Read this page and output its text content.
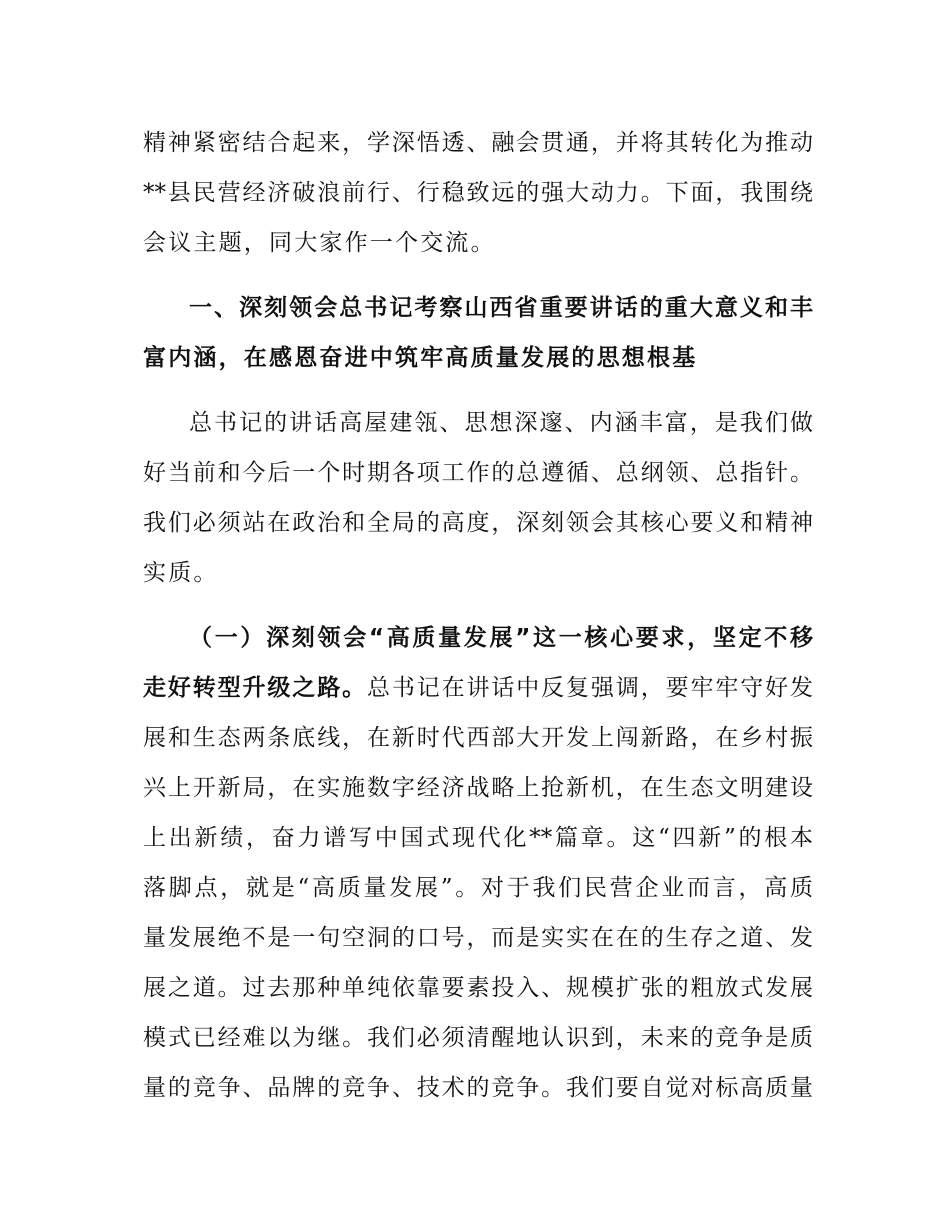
精神紧密结合起来，学深悟透、融会贯通，并将其转化为推动
**县民营经济破浪前行、行稳致远的强大动力。下面，我围绕
会议主题，同大家作一个交流。
一、深刻领会总书记考察山西省重要讲话的重大意义和丰
富内涵，在感恩奋进中筑牢高质量发展的思想根基
总书记的讲话高屋建瓴、思想深邃、内涵丰富，是我们做
好当前和今后一个时期各项工作的总遵循、总纲领、总指针。
我们必须站在政治和全局的高度，深刻领会其核心要义和精神
实质。
（一）深刻领会“高质量发展”这一核心要求，坚定不移
走好转型升级之路。总书记在讲话中反复强调，要牢牢守好发
展和生态两条底线，在新时代西部大开发上闯新路，在乡村振
兴上开新局，在实施数字经济战略上抢新机，在生态文明建设
上出新绩，奋力谱写中国式现代化**篇章。这“四新”的根本
落脚点，就是“高质量发展”。对于我们民营企业而言，高质
量发展绝不是一句空洞的口号，而是实实在在的生存之道、发
展之道。过去那种单纯依靠要素投入、规模扩张的粗放式发展
模式已经难以为继。我们必须清醒地认识到，未来的竞争是质
量的竞争、品牌的竞争、技术的竞争。我们要自觉对标高质量
